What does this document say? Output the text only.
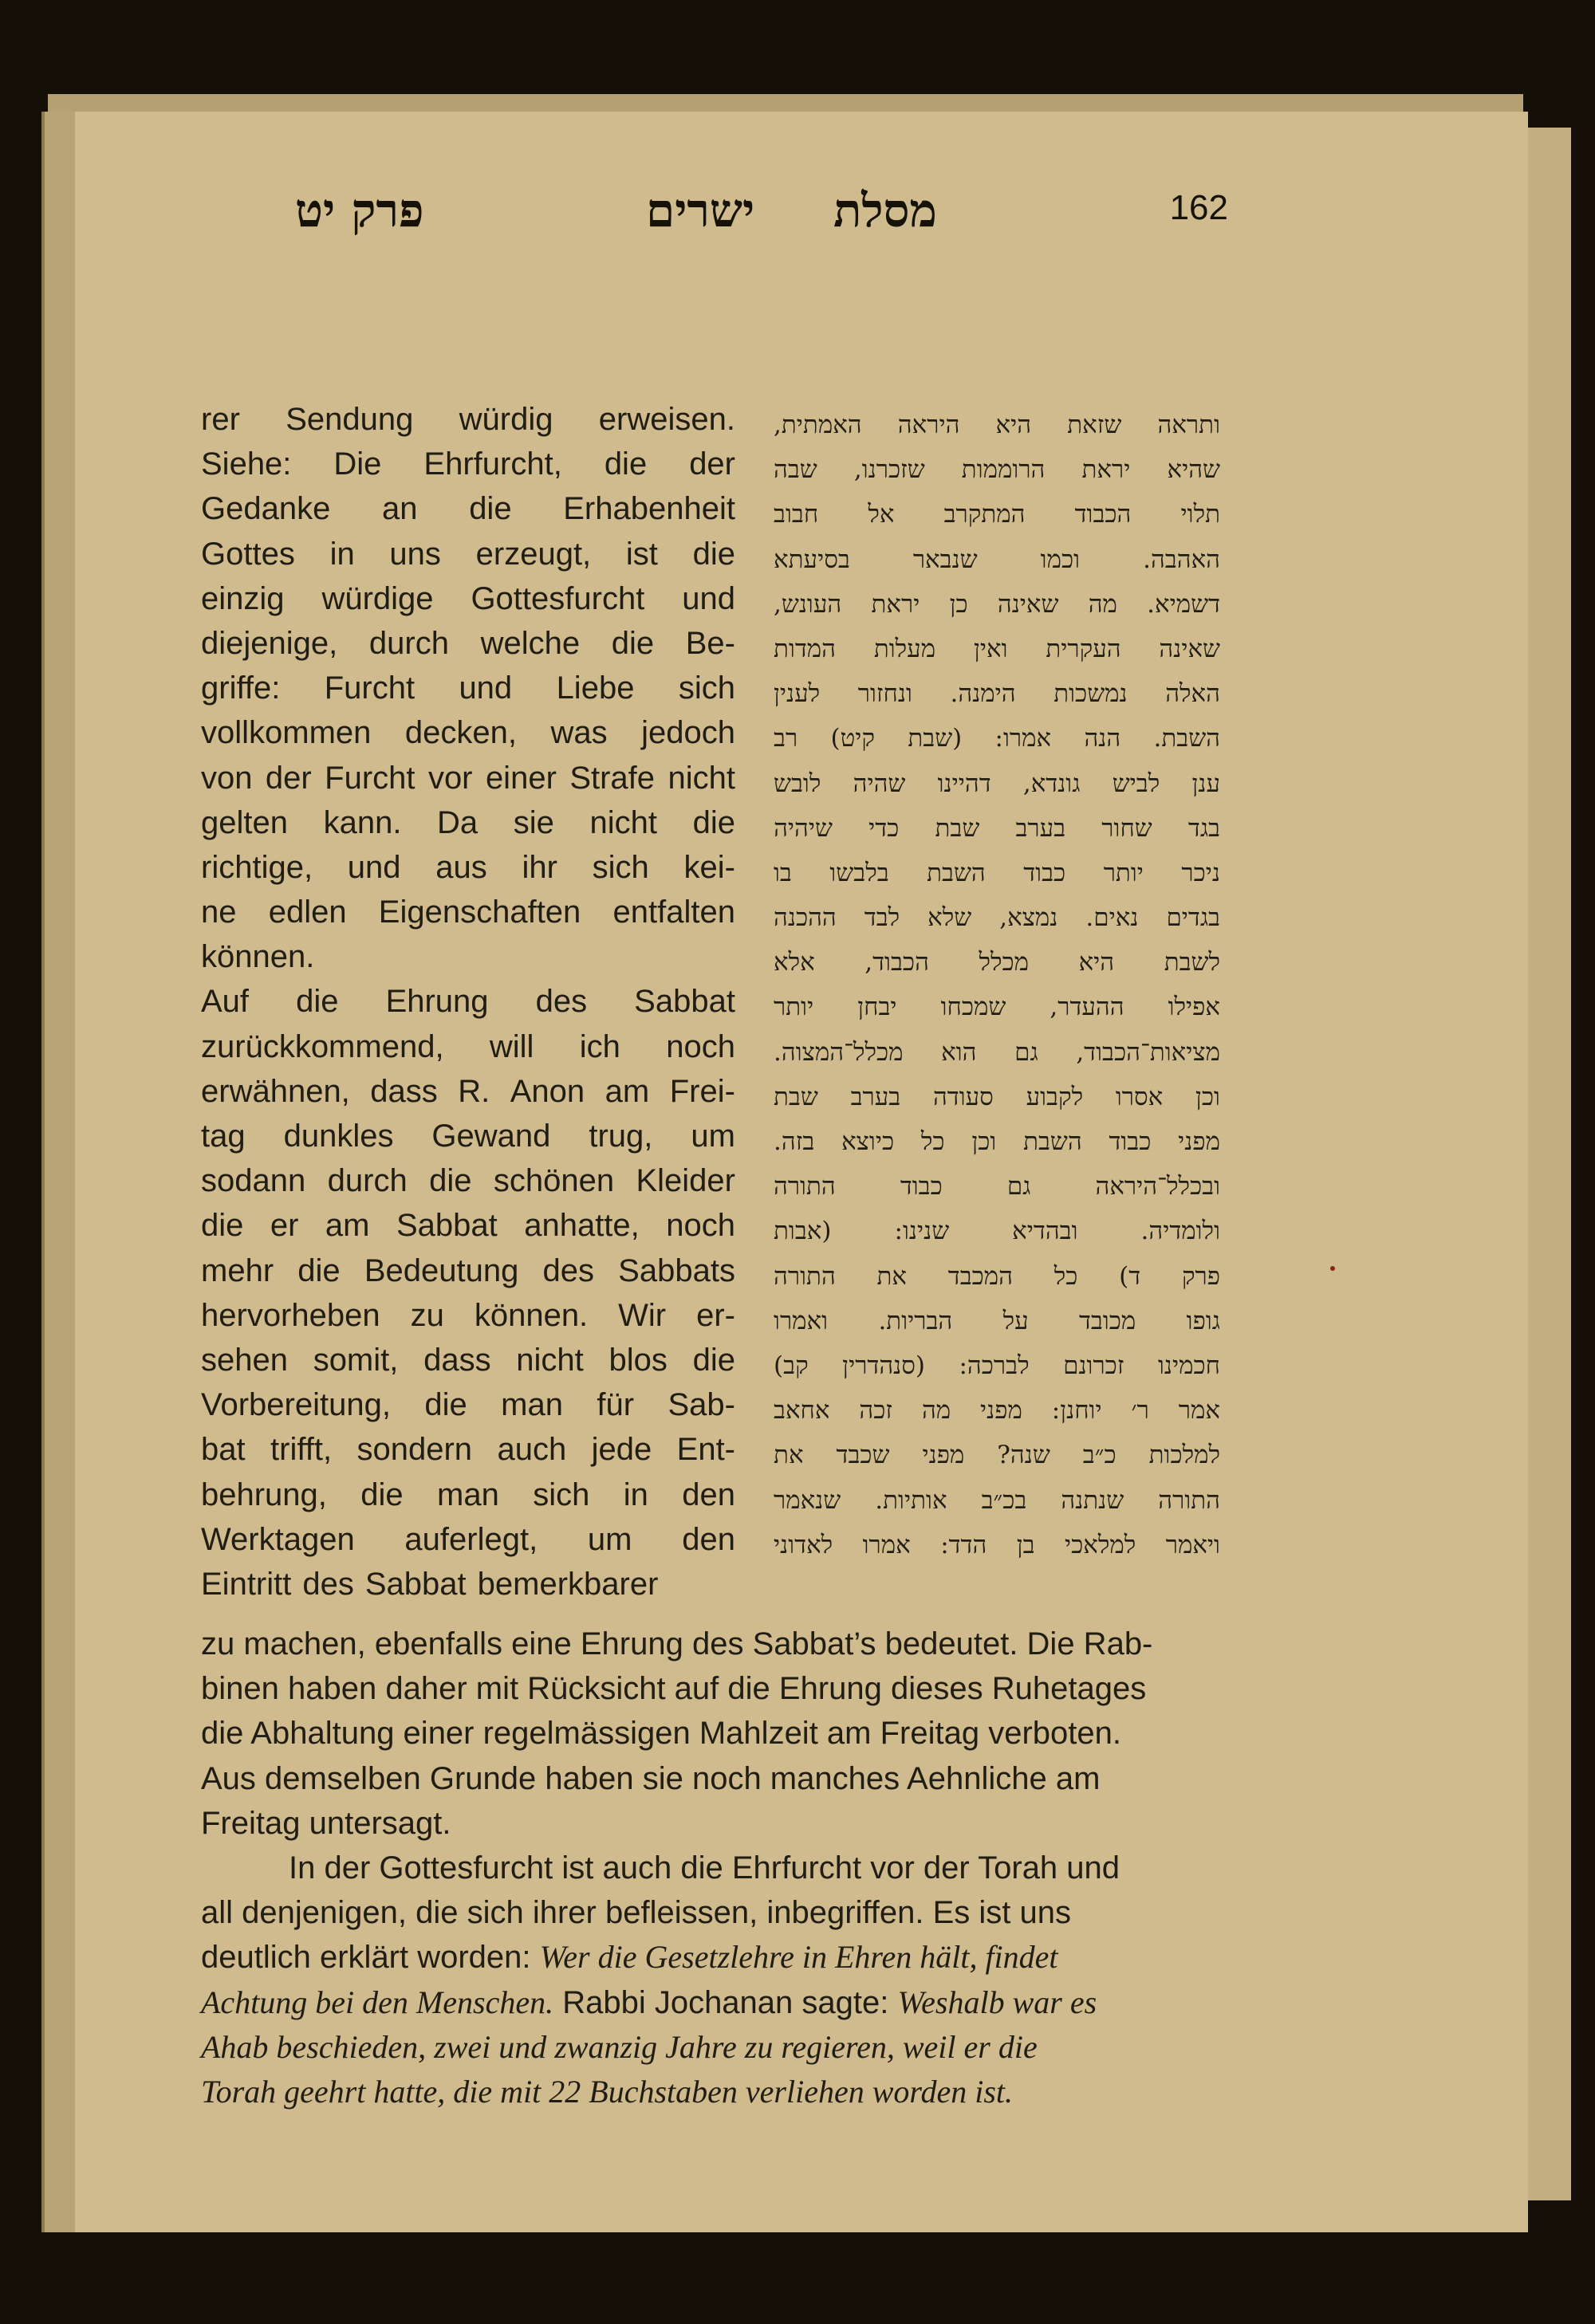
162
מסלת
ישרים
פרק יט
rer Sendung würdig erweisen.
Siehe: Die Ehrfurcht, die der
Gedanke an die Erhabenheit
Gottes in uns erzeugt, ist die
einzig würdige Gottesfurcht und
diejenige, durch welche die Be-
griffe: Furcht und Liebe sich
vollkommen decken, was jedoch
von der Furcht vor einer Strafe nicht
gelten kann. Da sie nicht die
richtige, und aus ihr sich kei-
ne edlen Eigenschaften entfalten
können.
Auf die Ehrung des Sabbat
zurückkommend, will ich noch
erwähnen, dass R. Anon am Frei-
tag dunkles Gewand trug, um
sodann durch die schönen Kleider
die er am Sabbat anhatte, noch
mehr die Bedeutung des Sabbats
hervorheben zu können. Wir er-
sehen somit, dass nicht blos die
Vorbereitung, die man für Sab-
bat trifft, sondern auch jede Ent-
behrung, die man sich in den
Werktagen auferlegt, um den
Eintritt des Sabbat bemerkbarer
ותראה
שזאת
היא
היראה
האמתית,
שהיא
יראת
הרוממות
שזכרנו,
שבה
תלוי
הכבוד
המתקרב
אל
חבוב
האהבה.
וכמו
שנבאר
בסיעתא
דשמיא.
מה
שאינה
כן
יראת
העונש,
שאינה
העקרית
ואין
מעלות
המדות
האלה
נמשכות
הימנה.
ונחזור
לענין
השבת.
הנה
אמרו:
(שבת
קיט)
רב
ענן
לביש
גונדא,
דהיינו
שהיה
לובש
בגד
שחור
בערב
שבת
כדי
שיהיה
ניכר
יותר
כבוד
השבת
בלבשו
בו
בגדים
נאים.
נמצא,
שלא
לבד
ההכנה
לשבת
היא
מכלל
הכבוד,
אלא
אפילו
ההעדר,
שמכחו
יבחן
יותר
מציאות־הכבוד,
גם
הוא
מכלל־המצוה.
וכן
אסרו
לקבוע
סעודה
בערב
שבת
מפני
כבוד
השבת
וכן
כל
כיוצא
בזה.
ובכלל־היראה
גם
כבוד
התורה
ולומדיה.
ובהדיא
שנינו:
(אבות
פרק
ד)
כל
המכבד
את
התורה
גופו
מכובד
על
הבריות.
ואמרו
חכמינו
זכרונם
לברכה:
(סנהדרין
קב)
אמר
ר׳
יוחנן:
מפני
מה
זכה
אחאב
למלכות
כ״ב
שנה?
מפני
שכבד
את
התורה
שנתנה
בכ״ב
אותיות.
שנאמר
ויאמר
למלאכי
בן
הדד:
אמרו
לאדוני

zu machen, ebenfalls eine Ehrung des Sabbat’s bedeutet. Die Rab-
binen haben daher mit Rücksicht auf die Ehrung dieses Ruhetages
die Abhaltung einer regelmässigen Mahlzeit am Freitag verboten.
Aus demselben Grunde haben sie noch manches Aehnliche am
Freitag untersagt.

In der Gottesfurcht ist auch die Ehrfurcht vor der Torah und
all denjenigen, die sich ihrer befleissen, inbegriffen. Es ist uns
deutlich erklärt worden: Wer die Gesetzlehre in Ehren hält, findet
Achtung bei den Menschen. Rabbi Jochanan sagte: Weshalb war es
Ahab beschieden, zwei und zwanzig Jahre zu regieren, weil er die
Torah geehrt hatte, die mit 22 Buchstaben verliehen worden ist.
